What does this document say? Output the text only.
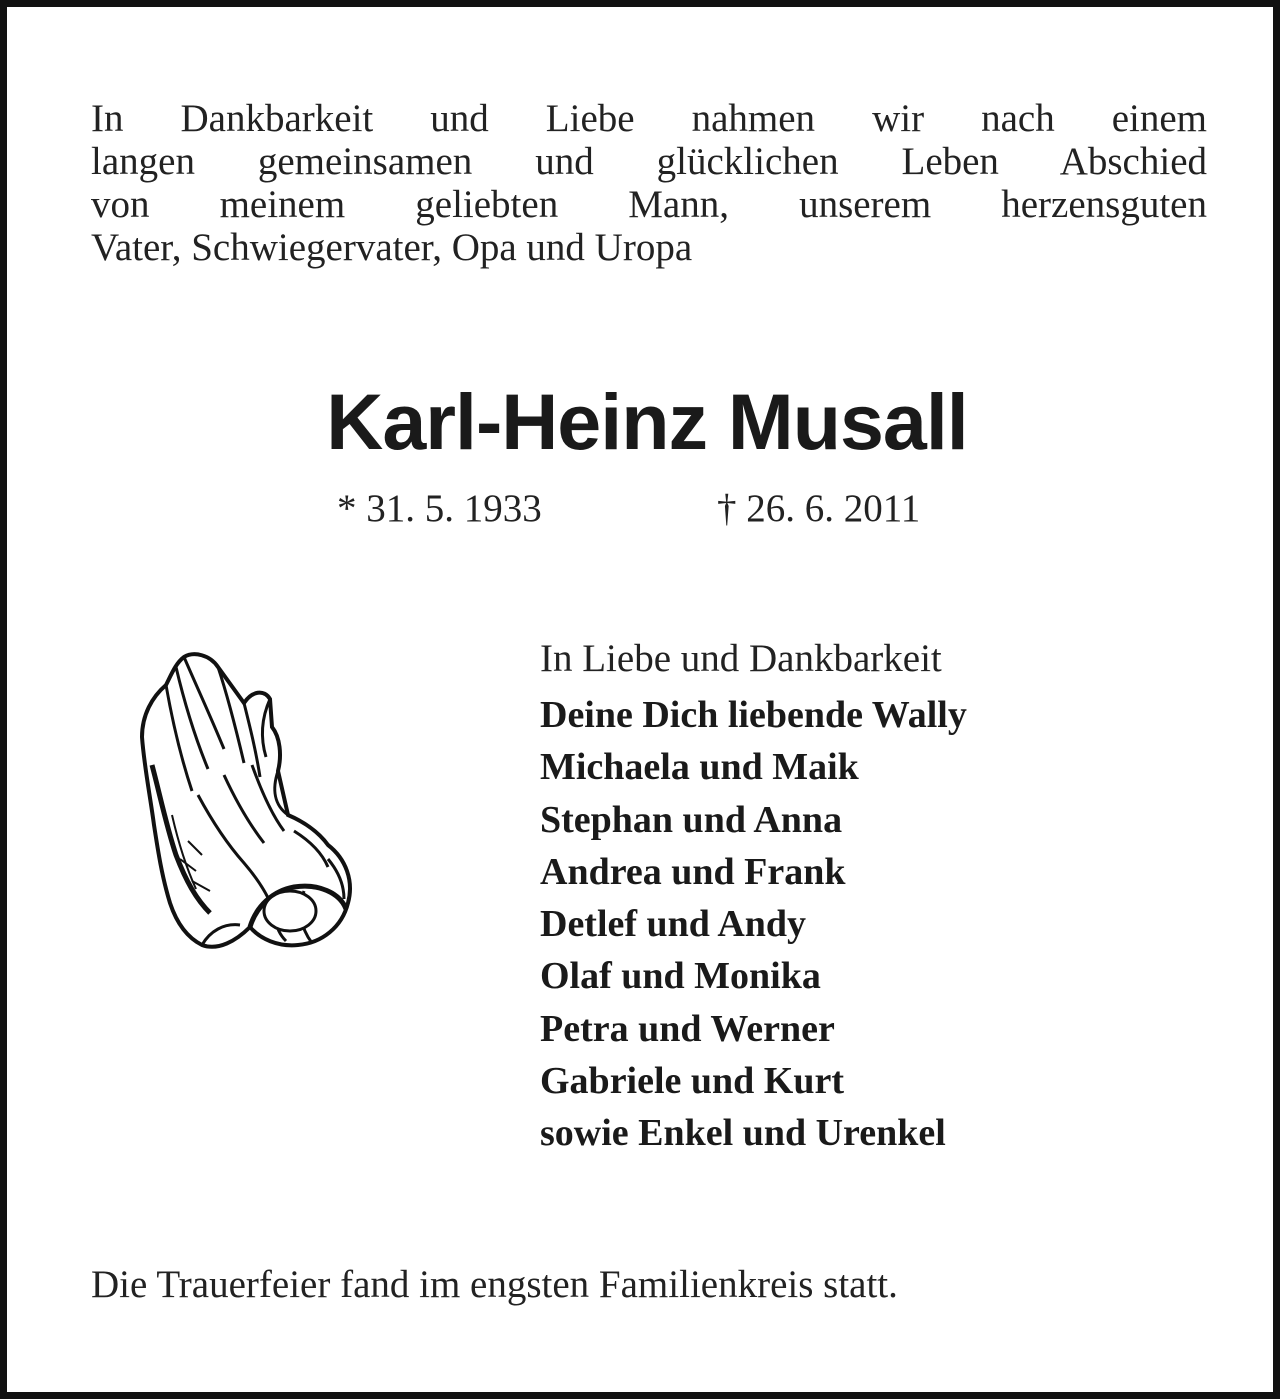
In Dankbarkeit und Liebe nahmen wir nach einem
langen gemeinsamen und glücklichen Leben Abschied
von meinem geliebten Mann, unserem herzensguten
Vater, Schwiegervater, Opa und Uropa
Karl-Heinz Musall
* 31. 5. 1933	† 26. 6. 2011
In Liebe und Dankbarkeit
Deine Dich liebende Wally
Michaela und Maik
Stephan und Anna
Andrea und Frank
Detlef und Andy
Olaf und Monika
Petra und Werner
Gabriele und Kurt
sowie Enkel und Urenkel
Die Trauerfeier fand im engsten Familienkreis statt.
